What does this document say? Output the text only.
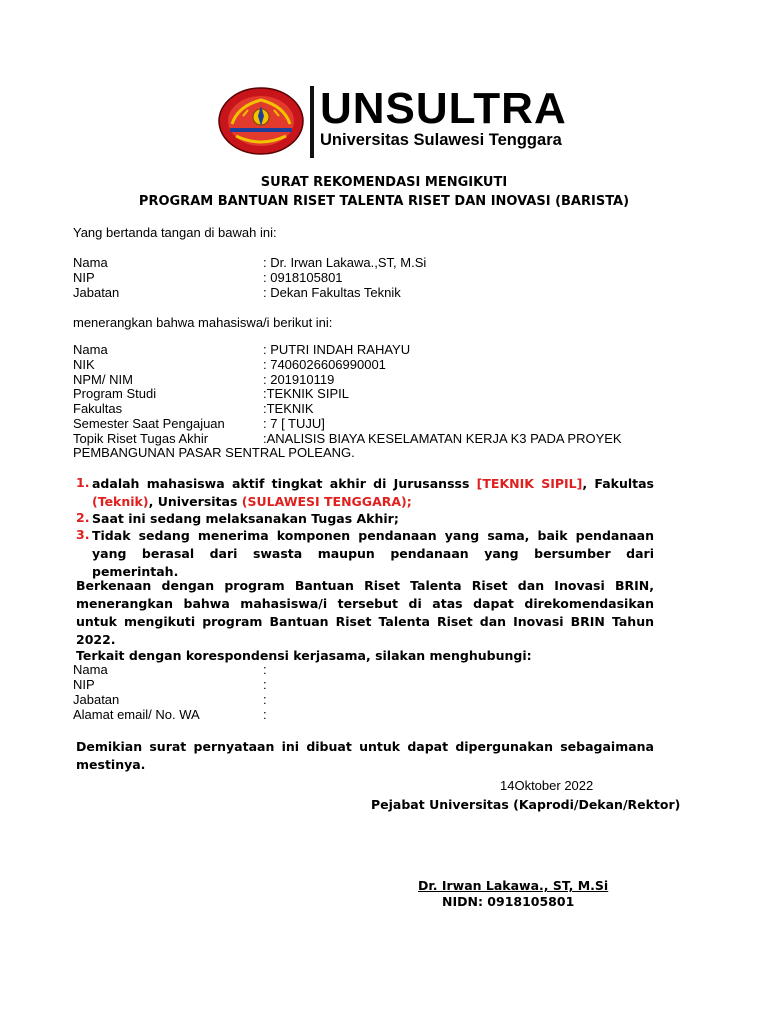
UNSULTRA
Universitas Sulawesi Tenggara
SURAT REKOMENDASI MENGIKUTI
PROGRAM BANTUAN RISET TALENTA RISET DAN INOVASI (BARISTA)
Yang bertanda tangan di bawah ini:
Nama	: Dr. Irwan Lakawa.,ST, M.Si
NIP	: 0918105801
Jabatan	: Dekan Fakultas Teknik
menerangkan bahwa mahasiswa/i berikut ini:
Nama	: PUTRI INDAH RAHAYU
NIK	: 7406026606990001
NPM/ NIM	: 201910119
Program Studi	:TEKNIK SIPIL
Fakultas	:TEKNIK
Semester Saat Pengajuan	: 7 [ TUJU]
Topik Riset Tugas Akhir	:ANALISIS BIAYA KESELAMATAN KERJA K3 PADA PROYEK
PEMBANGUNAN PASAR SENTRAL POLEANG.
1. adalah mahasiswa aktif tingkat akhir di Jurusansss [TEKNIK SIPIL], Fakultas (Teknik), Universitas (SULAWESI TENGGARA);
2. Saat ini sedang melaksanakan Tugas Akhir;
3. Tidak sedang menerima komponen pendanaan yang sama, baik pendanaan yang berasal dari swasta maupun pendanaan yang bersumber dari pemerintah.
Berkenaan dengan program Bantuan Riset Talenta Riset dan Inovasi BRIN, menerangkan bahwa mahasiswa/i tersebut di atas dapat direkomendasikan untuk mengikuti program Bantuan Riset Talenta Riset dan Inovasi BRIN Tahun 2022.
Terkait dengan korespondensi kerjasama, silakan menghubungi:
Nama	:
NIP	:
Jabatan	:
Alamat email/ No. WA	:
Demikian surat pernyataan ini dibuat untuk dapat dipergunakan sebagaimana mestinya.
14Oktober 2022
Pejabat Universitas (Kaprodi/Dekan/Rektor)
Dr. Irwan Lakawa., ST, M.Si
NIDN: 0918105801
